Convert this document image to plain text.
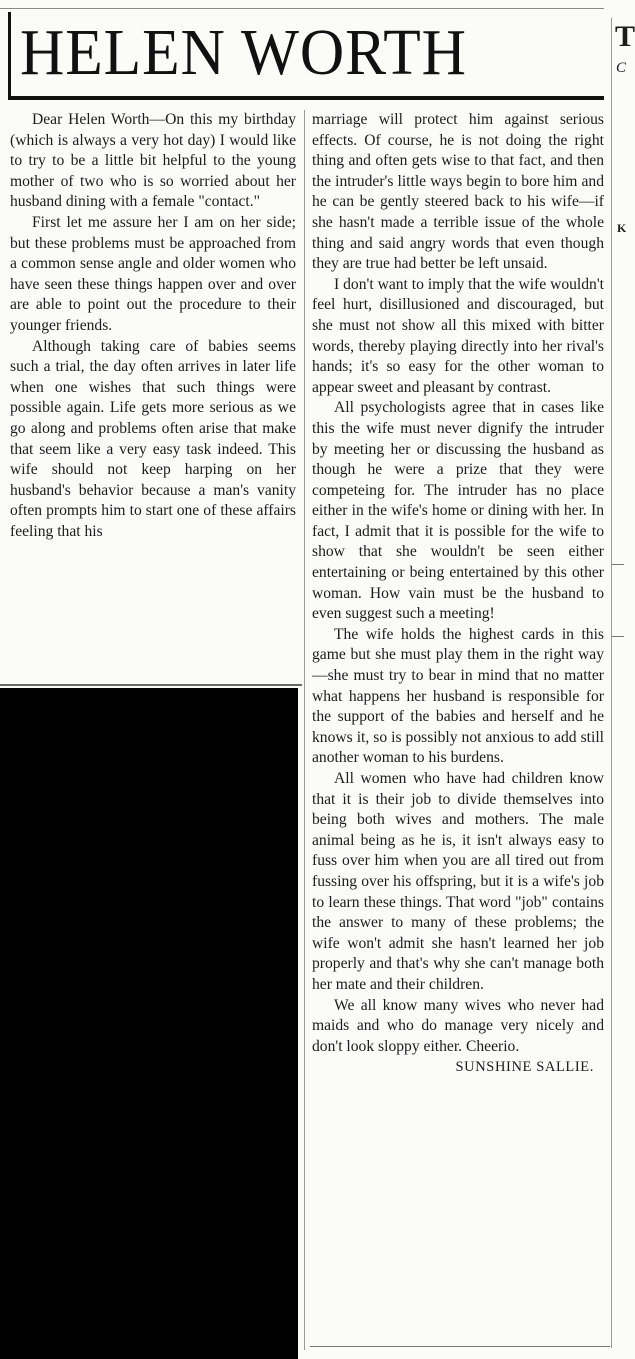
HELEN WORTH	T
C
K

Dear Helen Worth—On this my birthday (which is always a very hot day) I would like to try to be a little bit helpful to the young mother of two who is so worried about her husband dining with a female "contact."

First let me assure her I am on her side; but these problems must be approached from a common sense angle and older women who have seen these things happen over and over are able to point out the procedure to their younger friends.

Although taking care of babies seems such a trial, the day often arrives in later life when one wishes that such things were possible again. Life gets more serious as we go along and problems often arise that make that seem like a very easy task indeed. This wife should not keep harping on her husband's behavior because a man's vanity often prompts him to start one of these affairs feeling that his

marriage will protect him against serious effects. Of course, he is not doing the right thing and often gets wise to that fact, and then the intruder's little ways begin to bore him and he can be gently steered back to his wife—if she hasn't made a terrible issue of the whole thing and said angry words that even though they are true had better be left unsaid.

I don't want to imply that the wife wouldn't feel hurt, disillusioned and discouraged, but she must not show all this mixed with bitter words, thereby playing directly into her rival's hands; it's so easy for the other woman to appear sweet and pleasant by contrast.

All psychologists agree that in cases like this the wife must never dignify the intruder by meeting her or discussing the husband as though he were a prize that they were competeing for. The intruder has no place either in the wife's home or dining with her. In fact, I admit that it is possible for the wife to show that she wouldn't be seen either entertaining or being entertained by this other woman. How vain must be the husband to even suggest such a meeting!

The wife holds the highest cards in this game but she must play them in the right way—she must try to bear in mind that no matter what happens her husband is responsible for the support of the babies and herself and he knows it, so is possibly not anxious to add still another woman to his burdens.

All women who have had children know that it is their job to divide themselves into being both wives and mothers. The male animal being as he is, it isn't always easy to fuss over him when you are all tired out from fussing over his offspring, but it is a wife's job to learn these things. That word "job" contains the answer to many of these problems; the wife won't admit she hasn't learned her job properly and that's why she can't manage both her mate and their children.

We all know many wives who never had maids and who do manage very nicely and don't look sloppy either. Cheerio.

SUNSHINE SALLIE.
